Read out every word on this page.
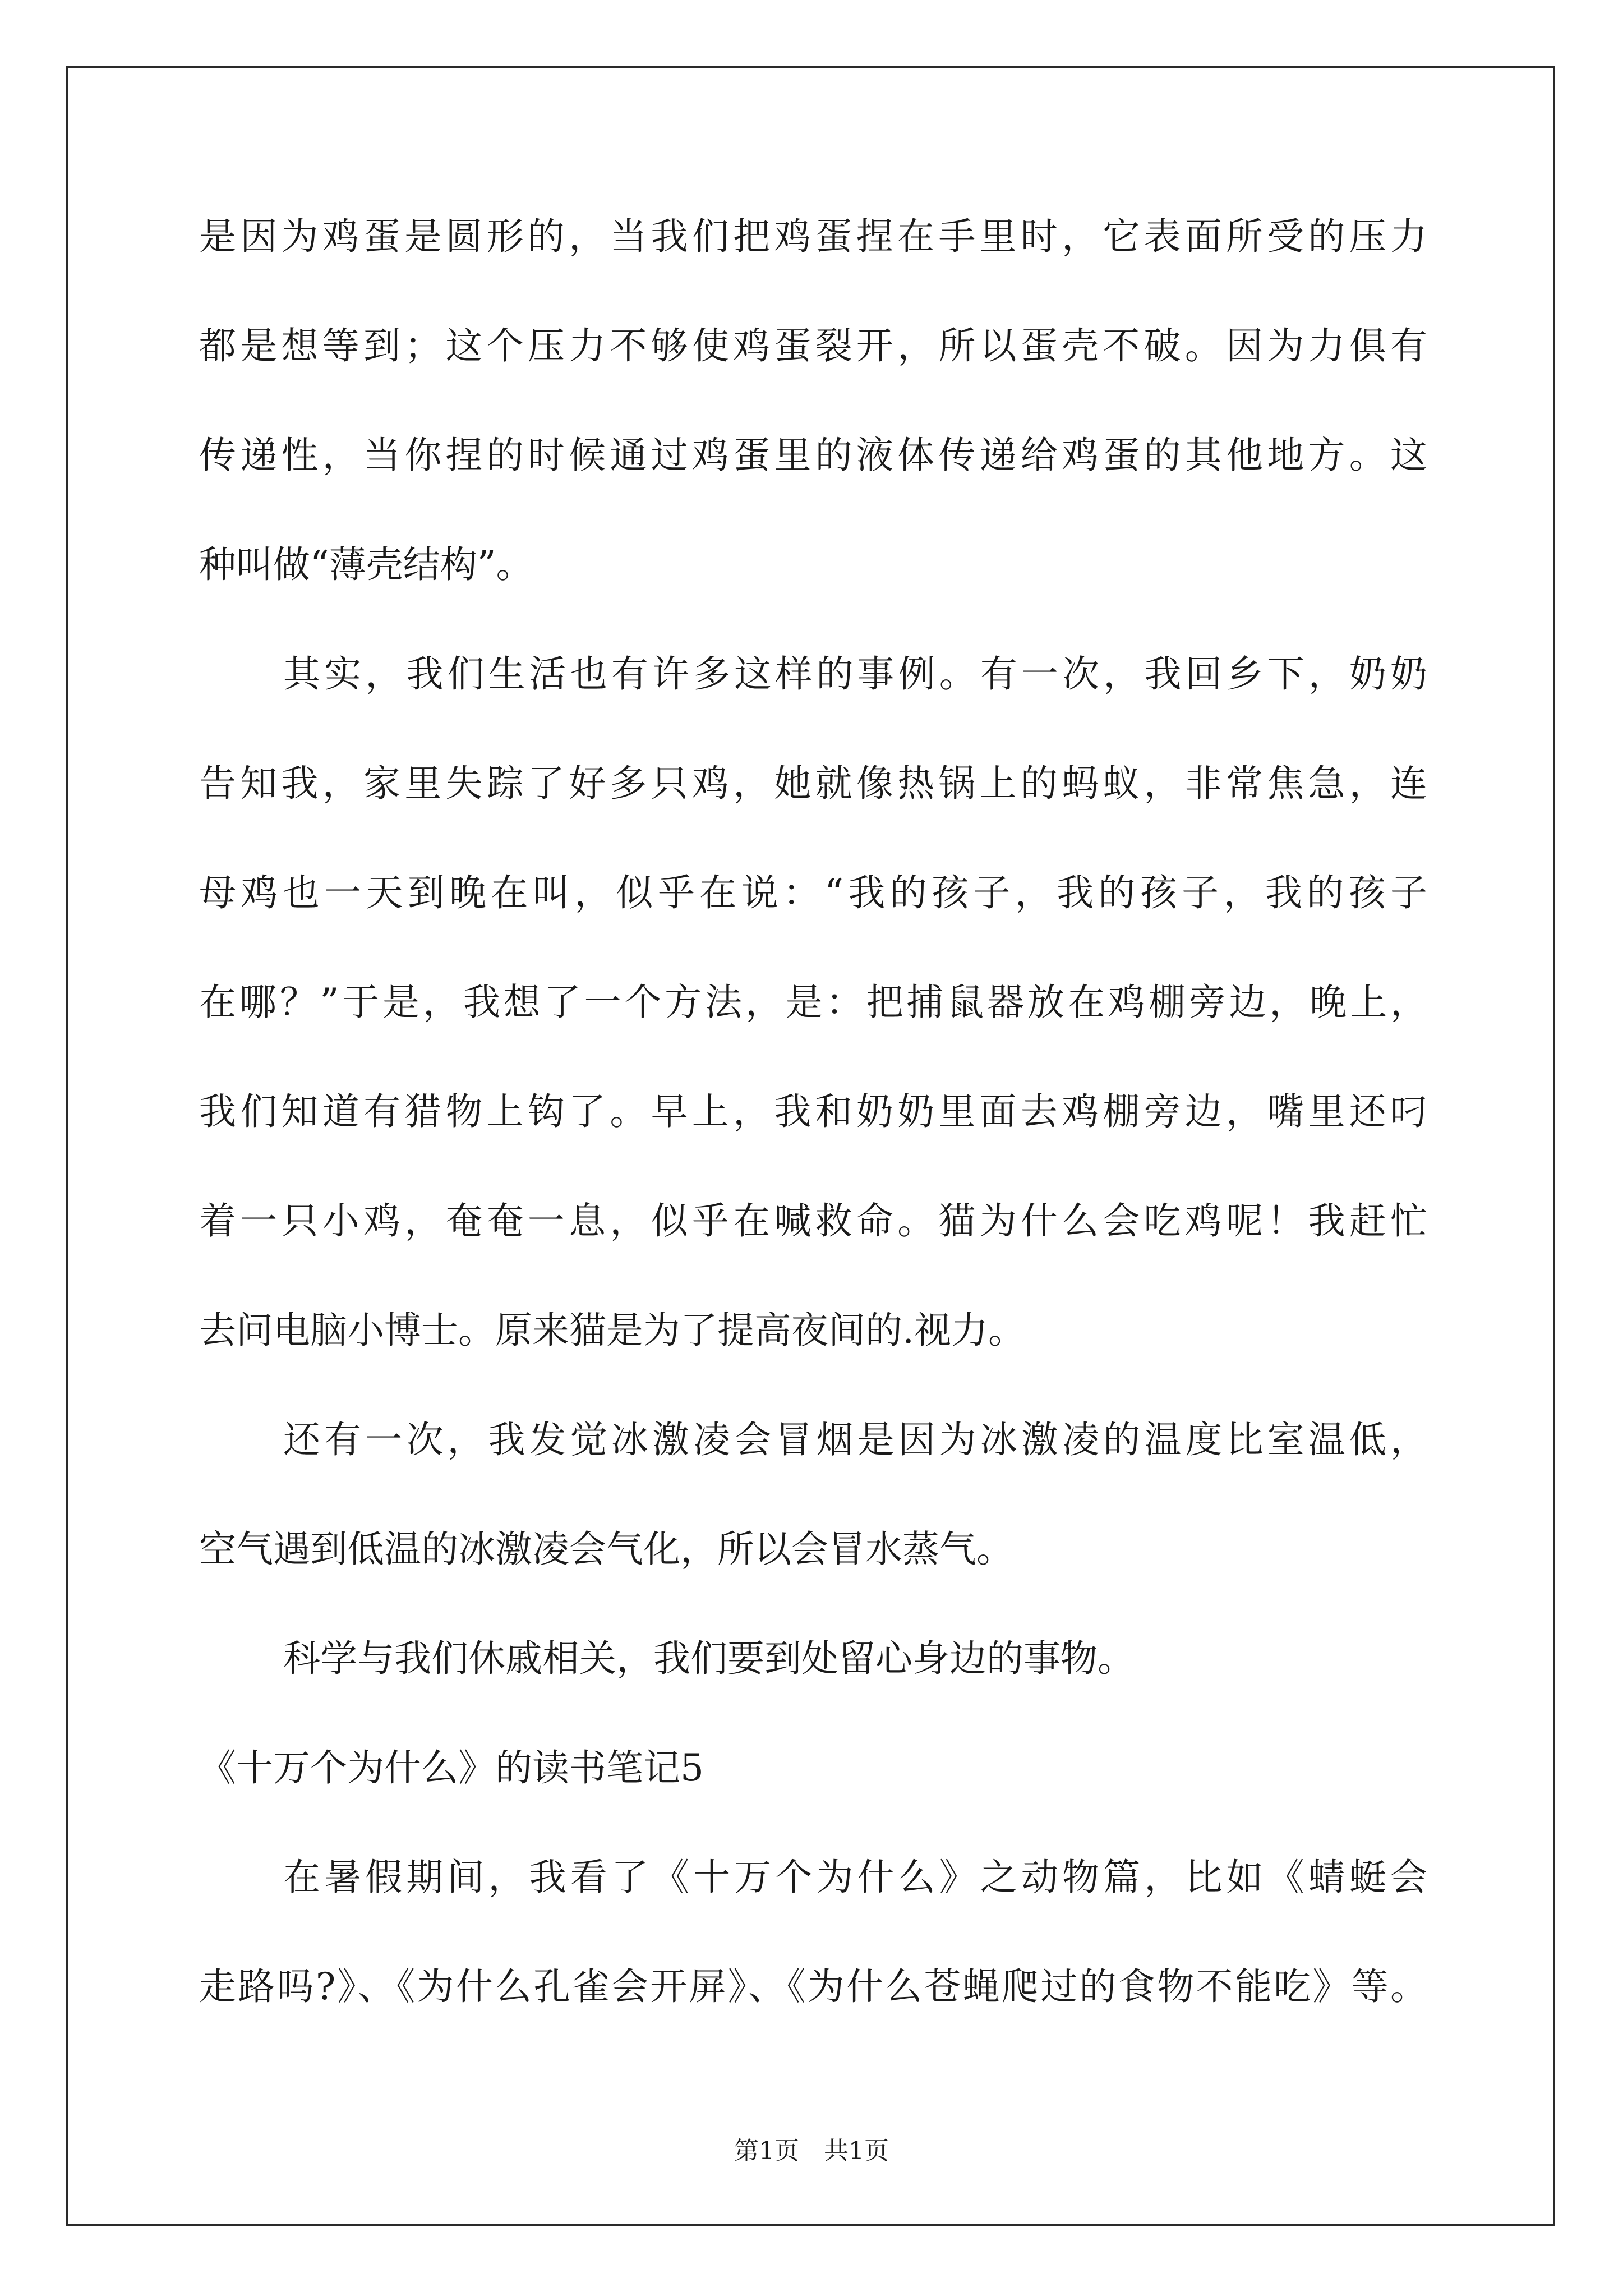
是因为鸡蛋是圆形的，当我们把鸡蛋捏在手里时，它表面所受的压力
都是想等到；这个压力不够使鸡蛋裂开，所以蛋壳不破。因为力俱有
传递性，当你捏的时候通过鸡蛋里的液体传递给鸡蛋的其他地方。这
种叫做“薄壳结构”。
其实，我们生活也有许多这样的事例。有一次，我回乡下，奶奶
告知我，家里失踪了好多只鸡，她就像热锅上的蚂蚁，非常焦急，连
母鸡也一天到晚在叫，似乎在说：“我的孩子，我的孩子，我的孩子
在哪？”于是，我想了一个方法，是：把捕鼠器放在鸡棚旁边，晚上，
我们知道有猎物上钩了。早上，我和奶奶里面去鸡棚旁边，嘴里还叼
着一只小鸡，奄奄一息，似乎在喊救命。猫为什么会吃鸡呢！我赶忙
去问电脑小博士。原来猫是为了提高夜间的.视力。
还有一次，我发觉冰激凌会冒烟是因为冰激凌的温度比室温低，
空气遇到低温的冰激凌会气化，所以会冒水蒸气。
科学与我们休戚相关，我们要到处留心身边的事物。
《十万个为什么》的读书笔记5
在暑假期间，我看了《十万个为什么》之动物篇，比如《蜻蜓会
走路吗?》、《为什么孔雀会开屏》、《为什么苍蝇爬过的食物不能吃》等。
第1页　共1页
